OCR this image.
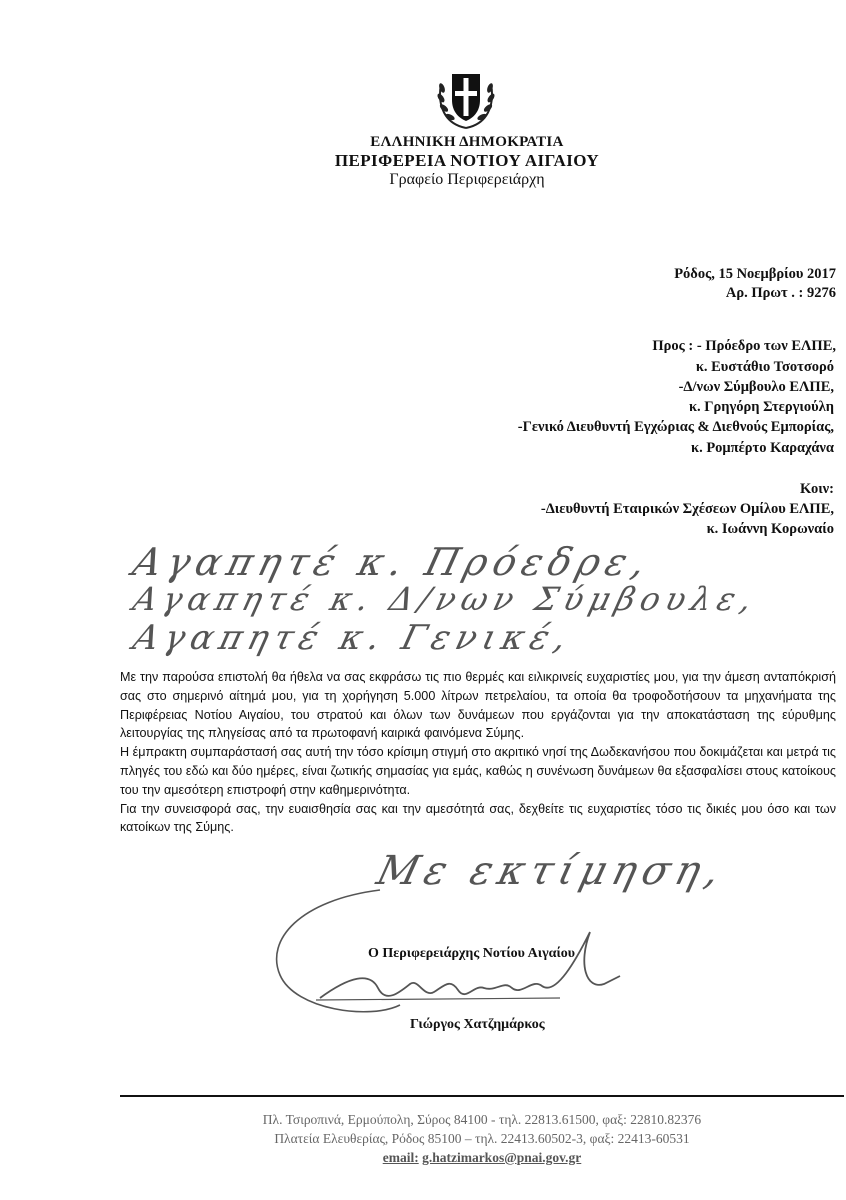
ΕΛΛΗΝΙΚΗ ΔΗΜΟΚΡΑΤΙΑ
ΠΕΡΙΦΕΡΕΙΑ ΝΟΤΙΟΥ ΑΙΓΑΙΟΥ
Γραφείο Περιφερειάρχη
Ρόδος, 15 Νοεμβρίου 2017
Αρ. Πρωτ . : 9276
Προς : - Πρόεδρο των ΕΛΠΕ,
κ. Ευστάθιο Τσοτσορό
-Δ/νων Σύμβουλο ΕΛΠΕ,
κ. Γρηγόρη Στεργιούλη
-Γενικό Διευθυντή Εγχώριας & Διεθνούς Εμπορίας,
κ. Ρομπέρτο Καραχάνα
Κοιν:
-Διευθυντή Εταιρικών Σχέσεων Ομίλου ΕΛΠΕ,
κ. Ιωάννη Κορωναίο
Αγαπητέ κ. Πρόεδρε,
Αγαπητέ κ. Δ/νων Σύμβουλε,
Αγαπητέ κ. Γενικέ,

Με την παρούσα επιστολή θα ήθελα να σας εκφράσω τις πιο θερμές και ειλικρινείς ευχαριστίες μου, για την άμεση ανταπόκρισή σας στο σημερινό αίτημά μου, για τη χορήγηση 5.000 λίτρων πετρελαίου, τα οποία θα τροφοδοτήσουν τα μηχανήματα της Περιφέρειας Νοτίου Αιγαίου, του στρατού και όλων των δυνάμεων που εργάζονται για την αποκατάσταση της εύρυθμης λειτουργίας της πληγείσας από τα πρωτοφανή καιρικά φαινόμενα Σύμης.

Η έμπρακτη συμπαράστασή σας αυτή την τόσο κρίσιμη στιγμή στο ακριτικό νησί της Δωδεκανήσου που δοκιμάζεται και μετρά τις πληγές του εδώ και δύο ημέρες, είναι ζωτικής σημασίας για εμάς, καθώς η συνένωση δυνάμεων θα εξασφαλίσει στους κατοίκους του την αμεσότερη επιστροφή στην καθημερινότητα.

Για την συνεισφορά σας, την ευαισθησία σας και την αμεσότητά σας, δεχθείτε τις ευχαριστίες τόσο τις δικιές μου όσο και των κατοίκων της Σύμης.

Με εκτίμηση,
Ο Περιφερειάρχης Νοτίου Αιγαίου
Γιώργος Χατζημάρκος
Πλ. Τσιροπινά, Ερμούπολη, Σύρος 84100 - τηλ. 22813.61500, φαξ: 22810.82376
Πλατεία Ελευθερίας, Ρόδος 85100 – τηλ. 22413.60502-3, φαξ: 22413-60531
email: g.hatzimarkos@pnai.gov.gr
